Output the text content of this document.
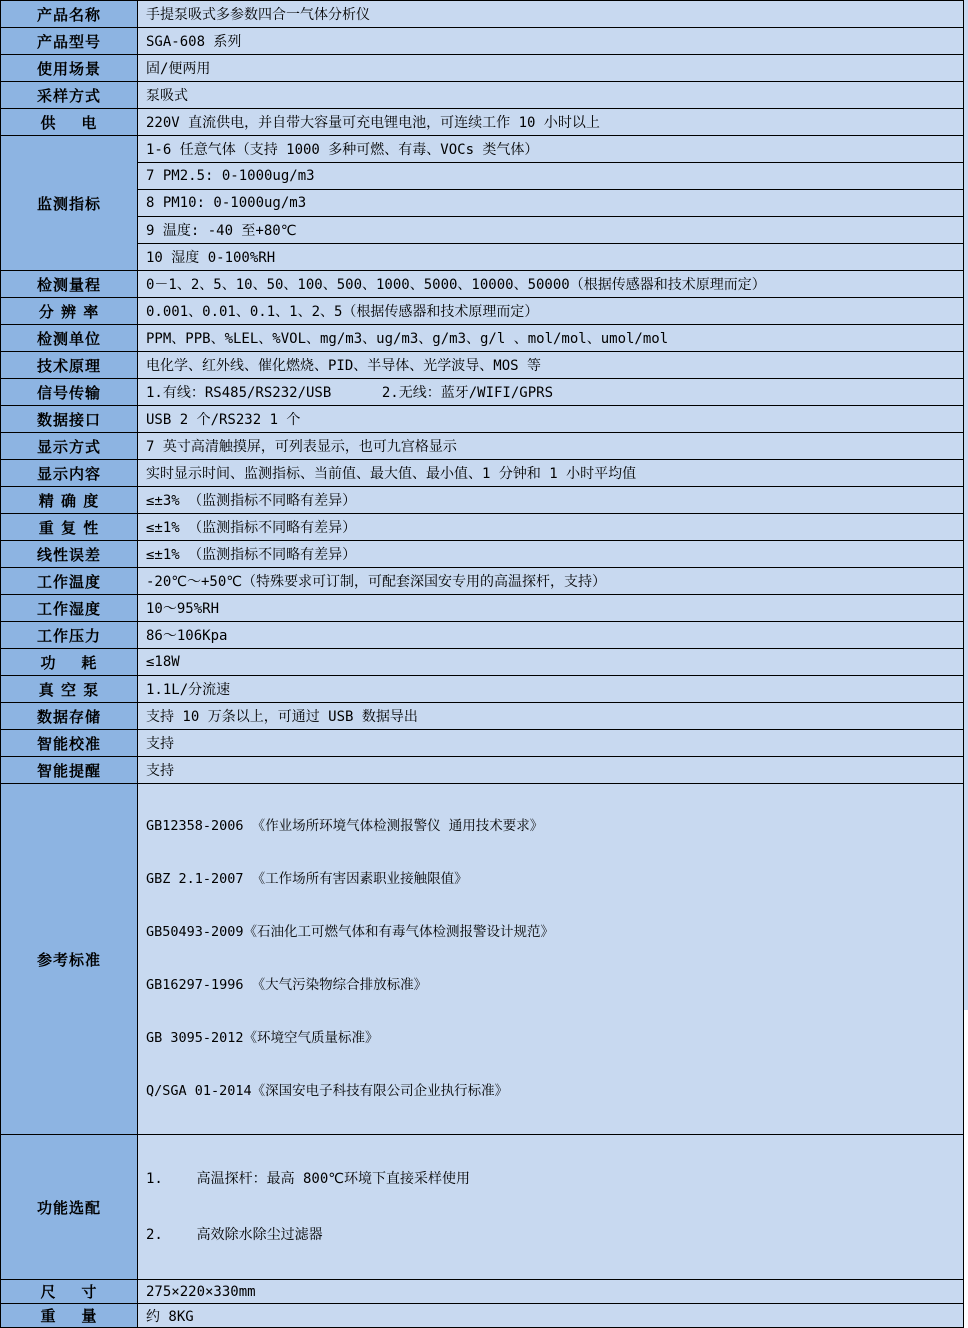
产品名称	手提泵吸式多参数四合一气体分析仪
产品型号	SGA-608 系列
使用场景	固/便两用
采样方式	泵吸式
供    电	220V 直流供电，并自带大容量可充电锂电池，可连续工作 10 小时以上
监测指标	1-6 任意气体（支持 1000 多种可燃、有毒、VOCs 类气体）
	7 PM2.5: 0-1000ug/m3
	8 PM10: 0-1000ug/m3
	9 温度: -40 至+80℃
	10 湿度 0-100%RH
检测量程	0－1、2、5、10、50、100、500、1000、5000、10000、50000（根据传感器和技术原理而定）
分 辨 率	0.001、0.01、0.1、1、2、5（根据传感器和技术原理而定）
检测单位	PPM、PPB、%LEL、%VOL、mg/m3、ug/m3、g/m3、g/l 、mol/mol、umol/mol
技术原理	电化学、红外线、催化燃烧、PID、半导体、光学波导、MOS 等
信号传输	1.有线：RS485/RS232/USB      2.无线：蓝牙/WIFI/GPRS
数据接口	USB 2 个/RS232 1 个
显示方式	7 英寸高清触摸屏，可列表显示，也可九宫格显示
显示内容	实时显示时间、监测指标、当前值、最大值、最小值、1 分钟和 1 小时平均值
精 确 度	≤±3% （监测指标不同略有差异）
重 复 性	≤±1% （监测指标不同略有差异）
线性误差	≤±1% （监测指标不同略有差异）
工作温度	-20℃～+50℃（特殊要求可订制，可配套深国安专用的高温探杆，支持）
工作湿度	10～95%RH
工作压力	86～106Kpa
功    耗	≤18W
真 空 泵	1.1L/分流速
数据存储	支持 10 万条以上，可通过 USB 数据导出
智能校准	支持
智能提醒	支持
参考标准	

GB12358-2006 《作业场所环境气体检测报警仪 通用技术要求》

GBZ 2.1-2007 《工作场所有害因素职业接触限值》

GB50493-2009《石油化工可燃气体和有毒气体检测报警设计规范》

GB16297-1996 《大气污染物综合排放标准》

GB 3095-2012《环境空气质量标准》

Q/SGA 01-2014《深国安电子科技有限公司企业执行标准》

功能选配	1.    高温探杆：最高 800℃环境下直接采样使用

2.    高效除水除尘过滤器

尺    寸	275×220×330mm
重    量	约 8KG
